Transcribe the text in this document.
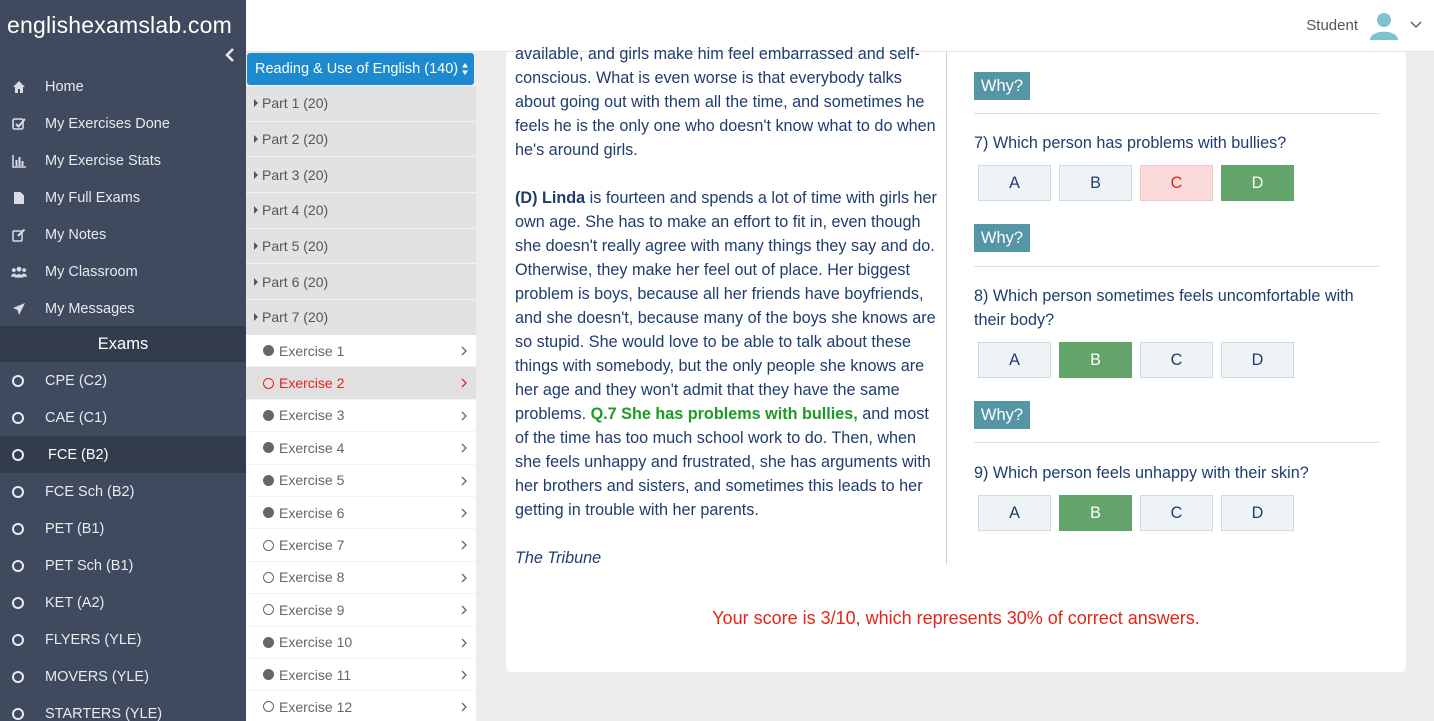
englishexamslab.com
Home
My Exercises Done
My Exercise Stats
My Full Exams
My Notes
My Classroom
My Messages
Exams
CPE (C2)
CAE (C1)
FCE (B2)
FCE Sch (B2)
PET (B1)
PET Sch (B1)
KET (A2)
FLYERS (YLE)
MOVERS (YLE)
STARTERS (YLE)
Student
Reading & Use of English (140)
Part 1 (20)
Part 2 (20)
Part 3 (20)
Part 4 (20)
Part 5 (20)
Part 6 (20)
Part 7 (20)
Exercise 1
Exercise 2
Exercise 3
Exercise 4
Exercise 5
Exercise 6
Exercise 7
Exercise 8
Exercise 9
Exercise 10
Exercise 11
Exercise 12

available, and girls make him feel embarrassed and self-conscious. What is even worse is that everybody talks about going out with them all the time, and sometimes he feels he is the only one who doesn't know what to do when he's around girls.

(D) Linda is fourteen and spends a lot of time with girls her own age. She has to make an effort to fit in, even though she doesn't really agree with many things they say and do. Otherwise, they make her feel out of place. Her biggest problem is boys, because all her friends have boyfriends, and she doesn't, because many of the boys she knows are so stupid. She would love to be able to talk about these things with somebody, but the only people she knows are her age and they won't admit that they have the same problems. Q.7 She has problems with bullies, and most of the time has too much school work to do. Then, when she feels unhappy and frustrated, she has arguments with her brothers and sisters, and sometimes this leads to her getting in trouble with her parents.

The Tribune

Why?
7) Which person has problems with bullies?
A	B	C	D
Why?
8) Which person sometimes feels uncomfortable with their body?
A	B	C	D
Why?
9) Which person feels unhappy with their skin?
A	B	C	D
Your score is 3/10, which represents 30% of correct answers.
